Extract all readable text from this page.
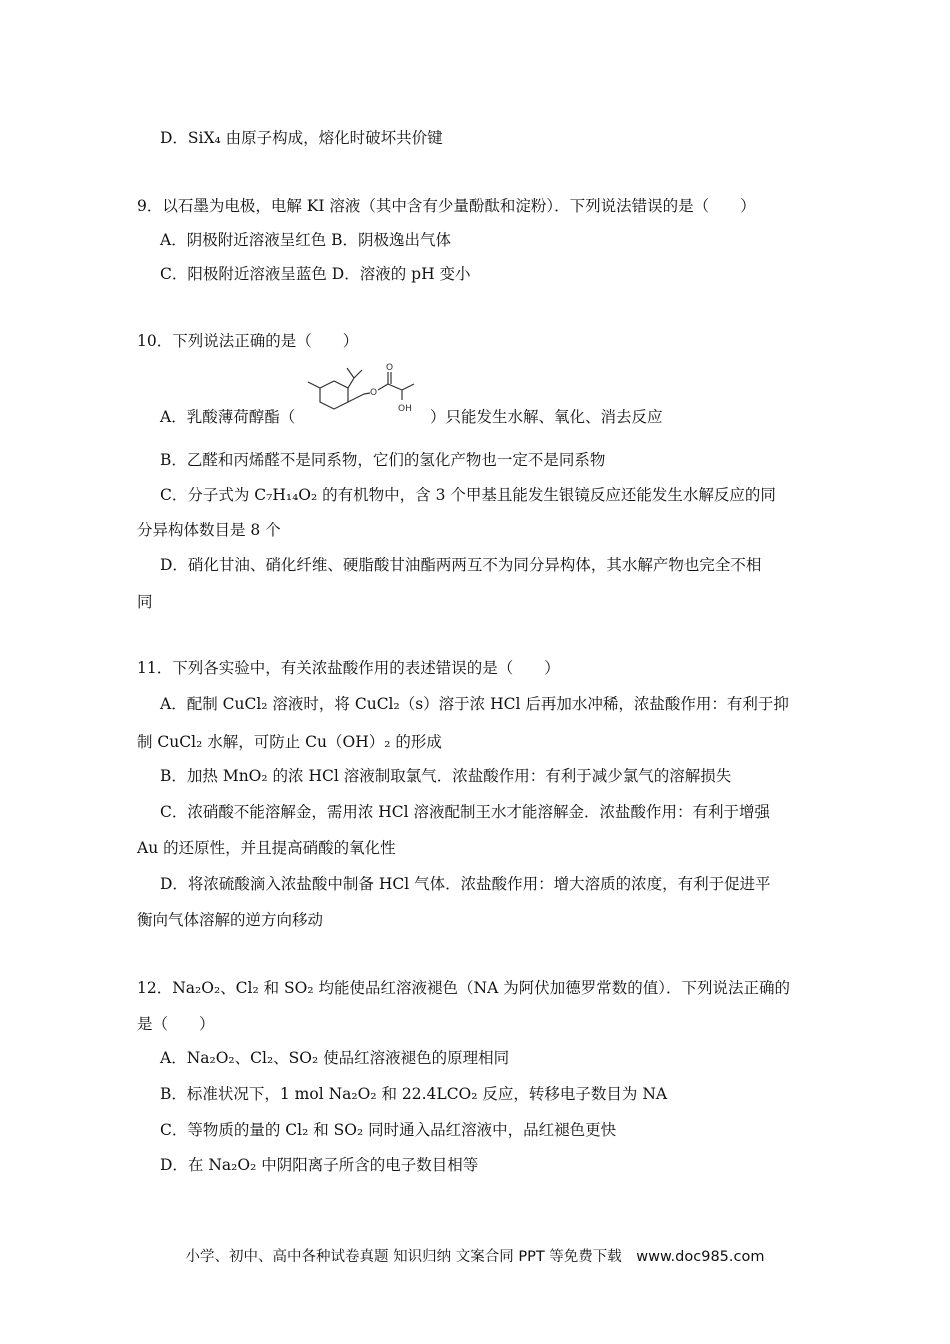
D．SiX₄ 由原子构成，熔化时破坏共价键
9．以石墨为电极，电解 KI 溶液（其中含有少量酚酞和淀粉）．下列说法错误的是（　　）
A．阴极附近溶液呈红色 B．阴极逸出气体
C．阳极附近溶液呈蓝色 D．溶液的 pH 变小
10．下列说法正确的是（　　）
A．乳酸薄荷醇酯（
O
O
OH ）只能发生水解、氧化、消去反应
B．乙醛和丙烯醛不是同系物，它们的氢化产物也一定不是同系物
C．分子式为 C₇H₁₄O₂ 的有机物中，含 3 个甲基且能发生银镜反应还能发生水解反应的同
分异构体数目是 8 个
D．硝化甘油、硝化纤维、硬脂酸甘油酯两两互不为同分异构体，其水解产物也完全不相
同
11．下列各实验中，有关浓盐酸作用的表述错误的是（　　）
A．配制 CuCl₂ 溶液时，将 CuCl₂（s）溶于浓 HCl 后再加水冲稀，浓盐酸作用：有利于抑
制 CuCl₂ 水解，可防止 Cu（OH）₂ 的形成
B．加热 MnO₂ 的浓 HCl 溶液制取氯气．浓盐酸作用：有利于减少氯气的溶解损失
C．浓硝酸不能溶解金，需用浓 HCl 溶液配制王水才能溶解金．浓盐酸作用：有利于增强
Au 的还原性，并且提高硝酸的氧化性
D．将浓硫酸滴入浓盐酸中制备 HCl 气体．浓盐酸作用：增大溶质的浓度，有利于促进平
衡向气体溶解的逆方向移动
12．Na₂O₂、Cl₂ 和 SO₂ 均能使品红溶液褪色（NA 为阿伏加德罗常数的值）．下列说法正确的
是（　　）
A．Na₂O₂、Cl₂、SO₂ 使品红溶液褪色的原理相同
B．标准状况下，1 mol Na₂O₂ 和 22.4LCO₂ 反应，转移电子数目为 NA
C．等物质的量的 Cl₂ 和 SO₂ 同时通入品红溶液中，品红褪色更快
D．在 Na₂O₂ 中阴阳离子所含的电子数目相等
小学、初中、高中各种试卷真题 知识归纳 文案合同 PPT 等免费下载　www.doc985.com
